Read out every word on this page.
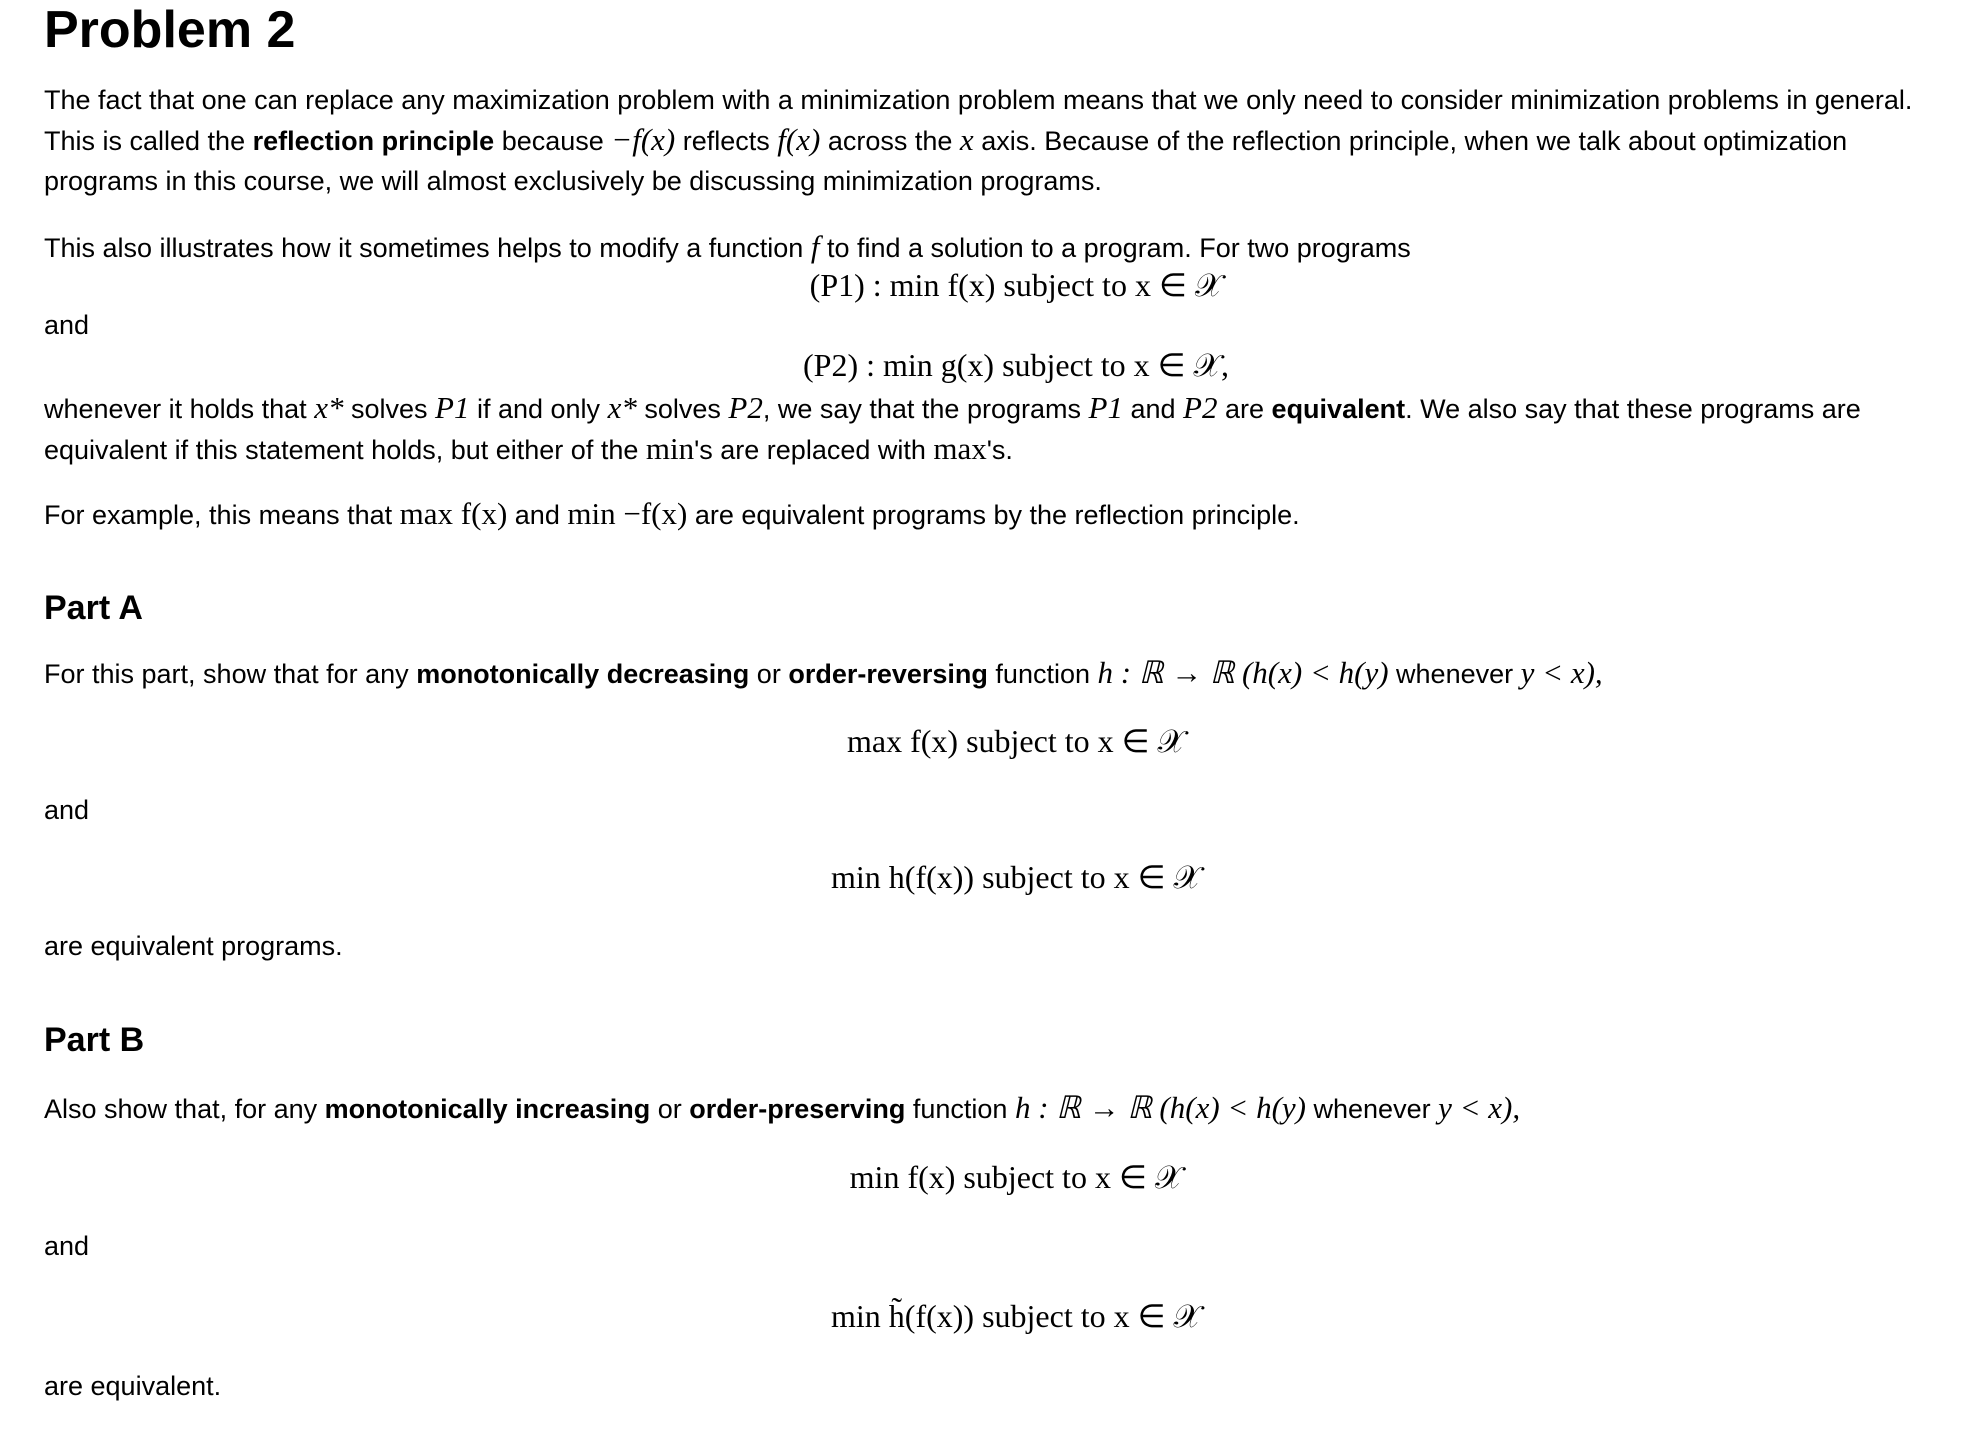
Problem 2

The fact that one can replace any maximization problem with a minimization problem means that we only need to consider minimization problems in general. This is called the reflection principle because −f(x) reflects f(x) across the x axis. Because of the reflection principle, when we talk about optimization programs in this course, we will almost exclusively be discussing minimization programs.

This also illustrates how it sometimes helps to modify a function f to find a solution to a program. For two programs

(P1) : min f(x) subject to x ∈ 𝒳

and

(P2) : min g(x) subject to x ∈ 𝒳,

whenever it holds that x* solves P1 if and only x* solves P2, we say that the programs P1 and P2 are equivalent. We also say that these programs are equivalent if this statement holds, but either of the min's are replaced with max's.

For example, this means that max f(x) and min −f(x) are equivalent programs by the reflection principle.

Part A

For this part, show that for any monotonically decreasing or order-reversing function h : ℝ → ℝ (h(x) < h(y) whenever y < x),

max f(x) subject to x ∈ 𝒳

and

min h(f(x)) subject to x ∈ 𝒳

are equivalent programs.

Part B

Also show that, for any monotonically increasing or order-preserving function h : ℝ → ℝ (h(x) < h(y) whenever y < x),

min f(x) subject to x ∈ 𝒳

and

min h̃(f(x)) subject to x ∈ 𝒳

are equivalent.
